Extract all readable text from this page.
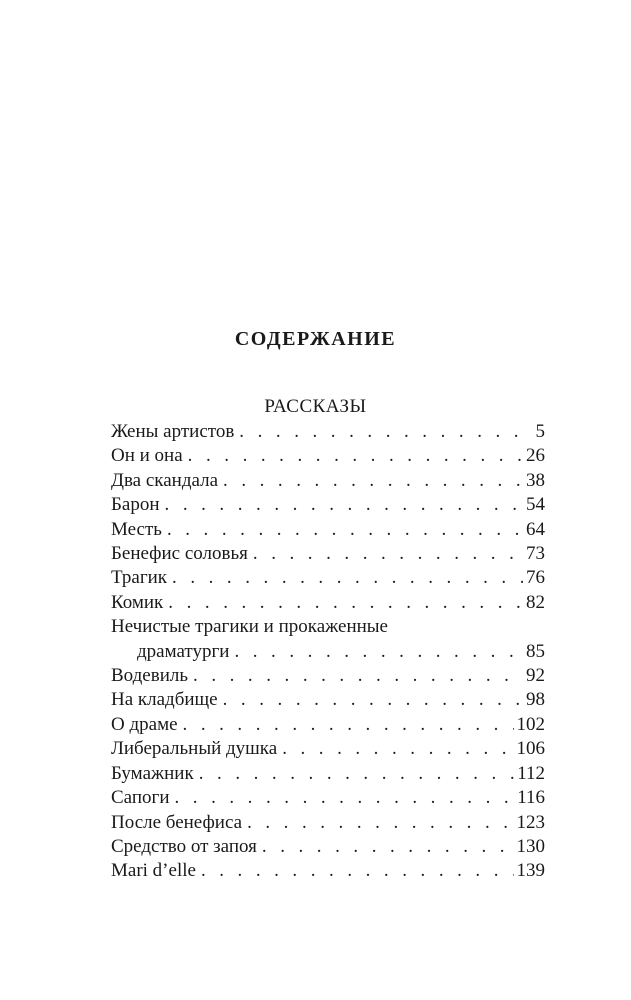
СОДЕРЖАНИЕ
РАССКАЗЫ
Жены артистов . . .	5
Он и она . . .	26
Два скандала . . .	38
Барон . . .	54
Месть . . .	64
Бенефис соловья . . .	73
Трагик . . .	76
Комик . . .	82
Нечистые трагики и прокаженные
драматурги . . .	85
Водевиль . . .	92
На кладбище . . .	98
О драме . . .	102
Либеральный душка . . .	106
Бумажник . . .	112
Сапоги . . .	116
После бенефиса . . .	123
Средство от запоя . . .	130
Mari d’elle . . .	139
